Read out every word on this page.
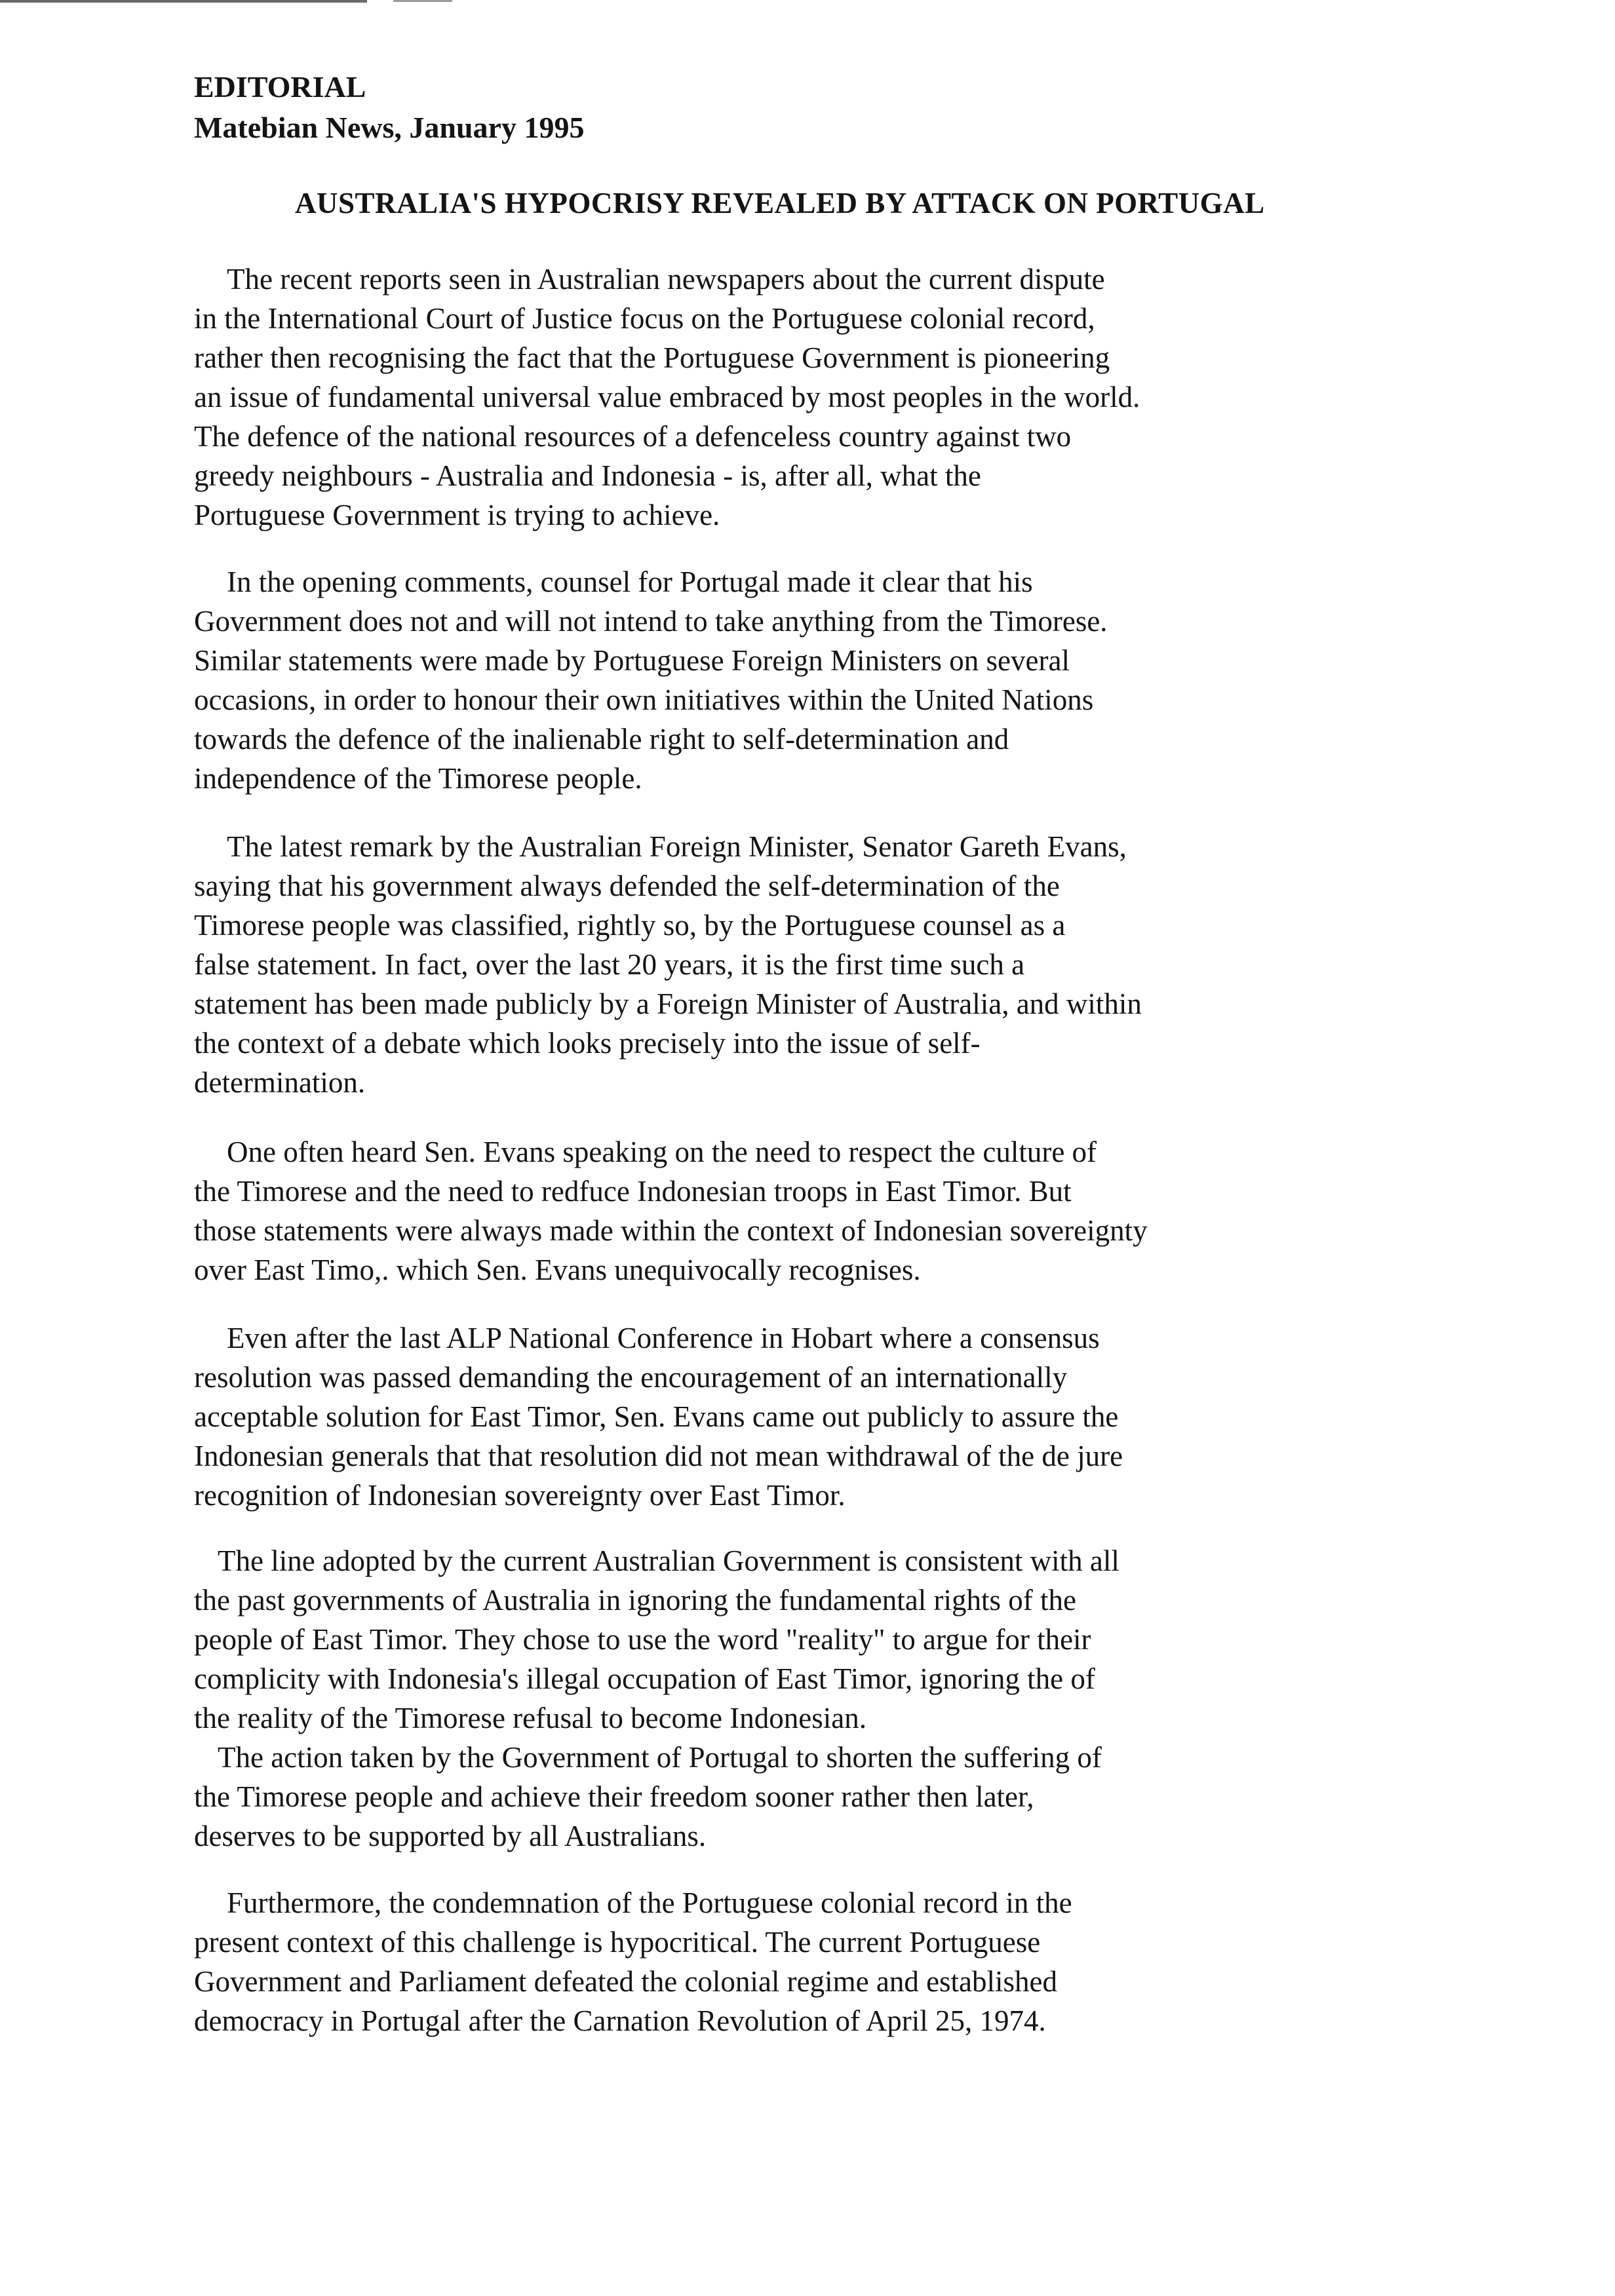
EDITORIAL
Matebian News, January 1995
AUSTRALIA'S HYPOCRISY REVEALED BY ATTACK ON PORTUGAL
The recent reports seen in Australian newspapers about the current dispute
in the International Court of Justice focus on the Portuguese colonial record,
rather then recognising the fact that the Portuguese Government is pioneering
an issue of fundamental universal value embraced by most peoples in the world.
The defence of the national resources of a defenceless country against two
greedy neighbours - Australia and Indonesia - is, after all, what the
Portuguese Government is trying to achieve.
In the opening comments, counsel for Portugal made it clear that his
Government does not and will not intend to take anything from the Timorese.
Similar statements were made by Portuguese Foreign Ministers on several
occasions, in order to honour their own initiatives within the United Nations
towards the defence of the inalienable right to self-determination and
independence of the Timorese people.
The latest remark by the Australian Foreign Minister, Senator Gareth Evans,
saying that his government always defended the self-determination of the
Timorese people was classified, rightly so, by the Portuguese counsel as a
false statement. In fact, over the last 20 years, it is the first time such a
statement has been made publicly by a Foreign Minister of Australia, and within
the context of a debate which looks precisely into the issue of self-
determination.
One often heard Sen. Evans speaking on the need to respect the culture of
the Timorese and the need to redfuce Indonesian troops in East Timor. But
those statements were always made within the context of Indonesian sovereignty
over East Timo,. which Sen. Evans unequivocally recognises.
Even after the last ALP National Conference in Hobart where a consensus
resolution was passed demanding the encouragement of an internationally
acceptable solution for East Timor, Sen. Evans came out publicly to assure the
Indonesian generals that that resolution did not mean withdrawal of the de jure
recognition of Indonesian sovereignty over East Timor.
The line adopted by the current Australian Government is consistent with all
the past governments of Australia in ignoring the fundamental rights of the
people of East Timor. They chose to use the word "reality" to argue for their
complicity with Indonesia's illegal occupation of East Timor, ignoring the of
the reality of the Timorese refusal to become Indonesian.
The action taken by the Government of Portugal to shorten the suffering of
the Timorese people and achieve their freedom sooner rather then later,
deserves to be supported by all Australians.
Furthermore, the condemnation of the Portuguese colonial record in the
present context of this challenge is hypocritical. The current Portuguese
Government and Parliament defeated the colonial regime and established
democracy in Portugal after the Carnation Revolution of April 25, 1974.
